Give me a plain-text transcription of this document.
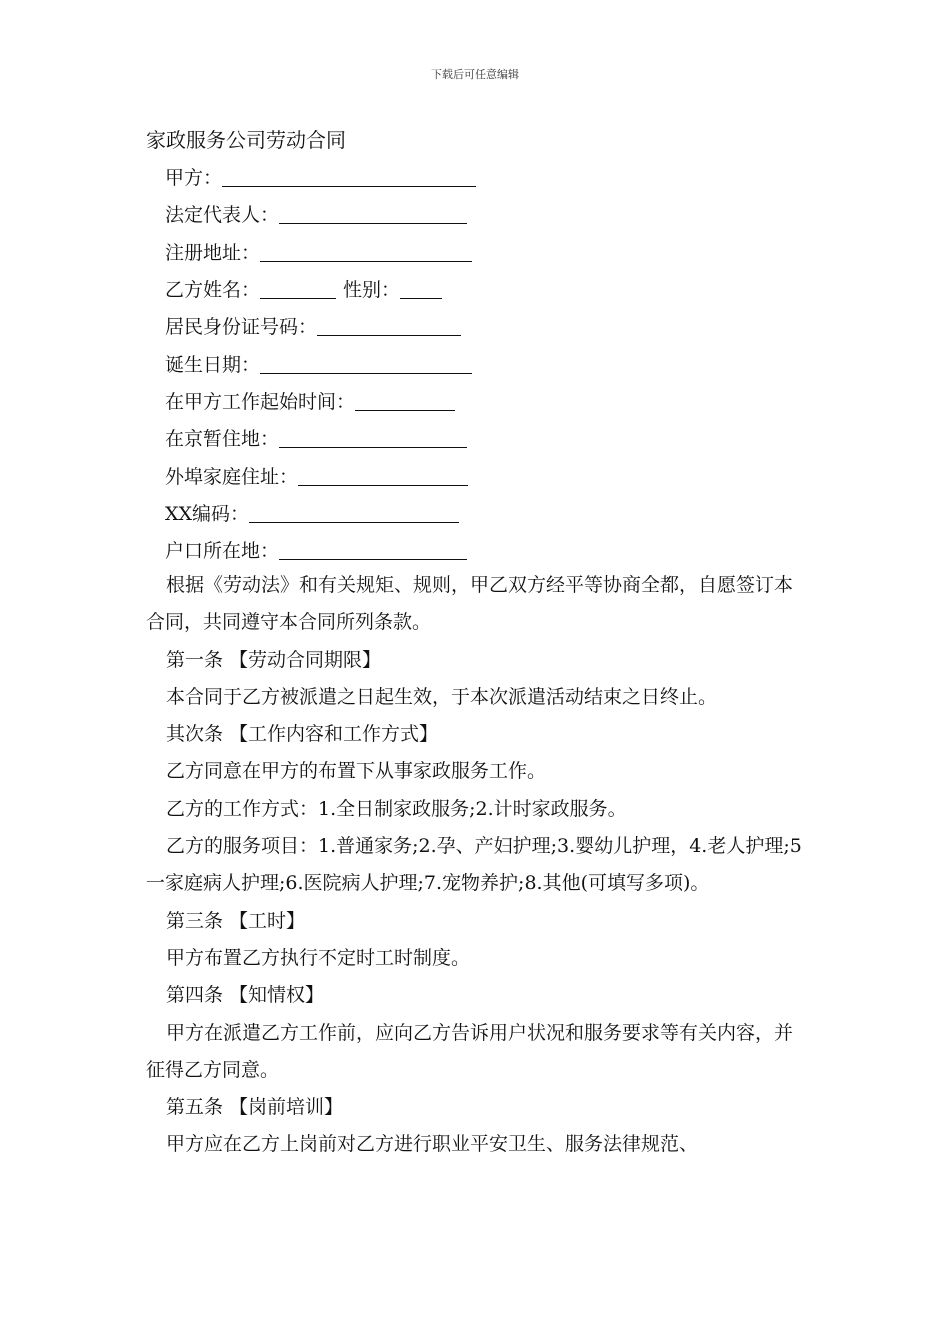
下载后可任意编辑
家政服务公司劳动合同
甲方：
法定代表人：
注册地址：
乙方姓名：	性别：
居民身份证号码：
诞生日期：
在甲方工作起始时间：
在京暂住地：
外埠家庭住址：
XX编码：
户口所在地：
根据《劳动法》和有关规矩、规则，甲乙双方经平等协商全都，自愿签订本合同，共同遵守本合同所列条款。
第一条 【劳动合同期限】
本合同于乙方被派遣之日起生效，于本次派遣活动结束之日终止。
其次条 【工作内容和工作方式】
乙方同意在甲方的布置下从事家政服务工作。
乙方的工作方式：1.全日制家政服务;2.计时家政服务。
乙方的服务项目：1.普通家务;2.孕、产妇护理;3.婴幼儿护理，4.老人护理;5一家庭病人护理;6.医院病人护理;7.宠物养护;8.其他(可填写多项)。
第三条 【工时】
甲方布置乙方执行不定时工时制度。
第四条 【知情权】
甲方在派遣乙方工作前，应向乙方告诉用户状况和服务要求等有关内容，并征得乙方同意。
第五条 【岗前培训】
甲方应在乙方上岗前对乙方进行职业平安卫生、服务法律规范、
